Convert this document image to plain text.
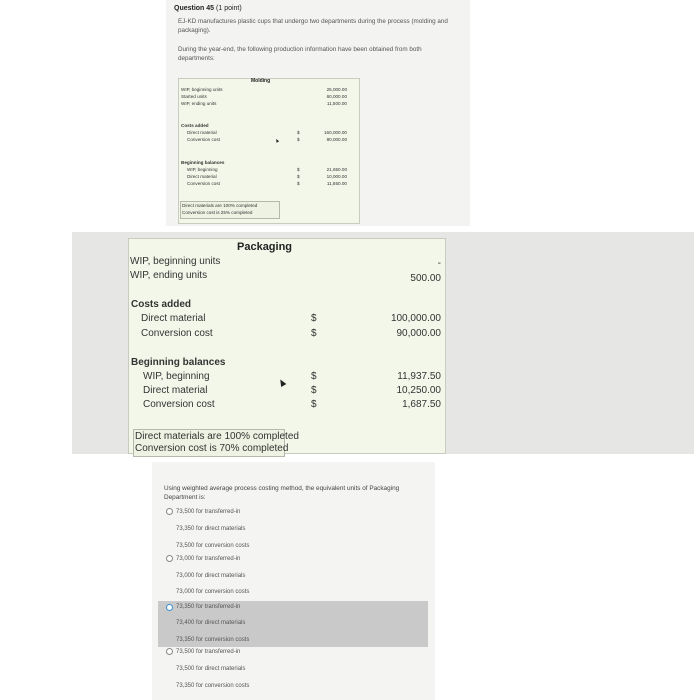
Question 45 (1 point)
EJ-KD manufactures plastic cups that undergo two departments during the process (molding and packaging).
During the year-end, the following production information have been obtained from both departments:
Molding
WIP, beginning units	25,000.00
Started units	60,000.00
WIP, ending units	11,500.00
Costs added
Direct material	$	160,000.00
Conversion cost	$	80,000.00
Beginning balances
WIP, beginning	$	21,650.00
Direct material	$	10,000.00
Conversion cost	$	11,650.00
Direct materials are 100% completed
Conversion cost is 25% completed
Packaging
WIP, beginning units	-
WIP, ending units	500.00
Costs added
Direct material	$	100,000.00
Conversion cost	$	90,000.00
Beginning balances
WIP, beginning	$	11,937.50
Direct material	$	10,250.00
Conversion cost	$	1,687.50
Direct materials are 100% completed
Conversion cost is 70% completed
Using weighted average process costing method, the equivalent units of Packaging Department is:
73,500 for transferred-in
73,350 for direct materials
73,500 for conversion costs
73,000 for transferred-in
73,000 for direct materials
73,000 for conversion costs
73,350 for transferred-in
73,400 for direct materials
73,350 for conversion costs
73,500 for transferred-in
73,500 for direct materials
73,350 for conversion costs
